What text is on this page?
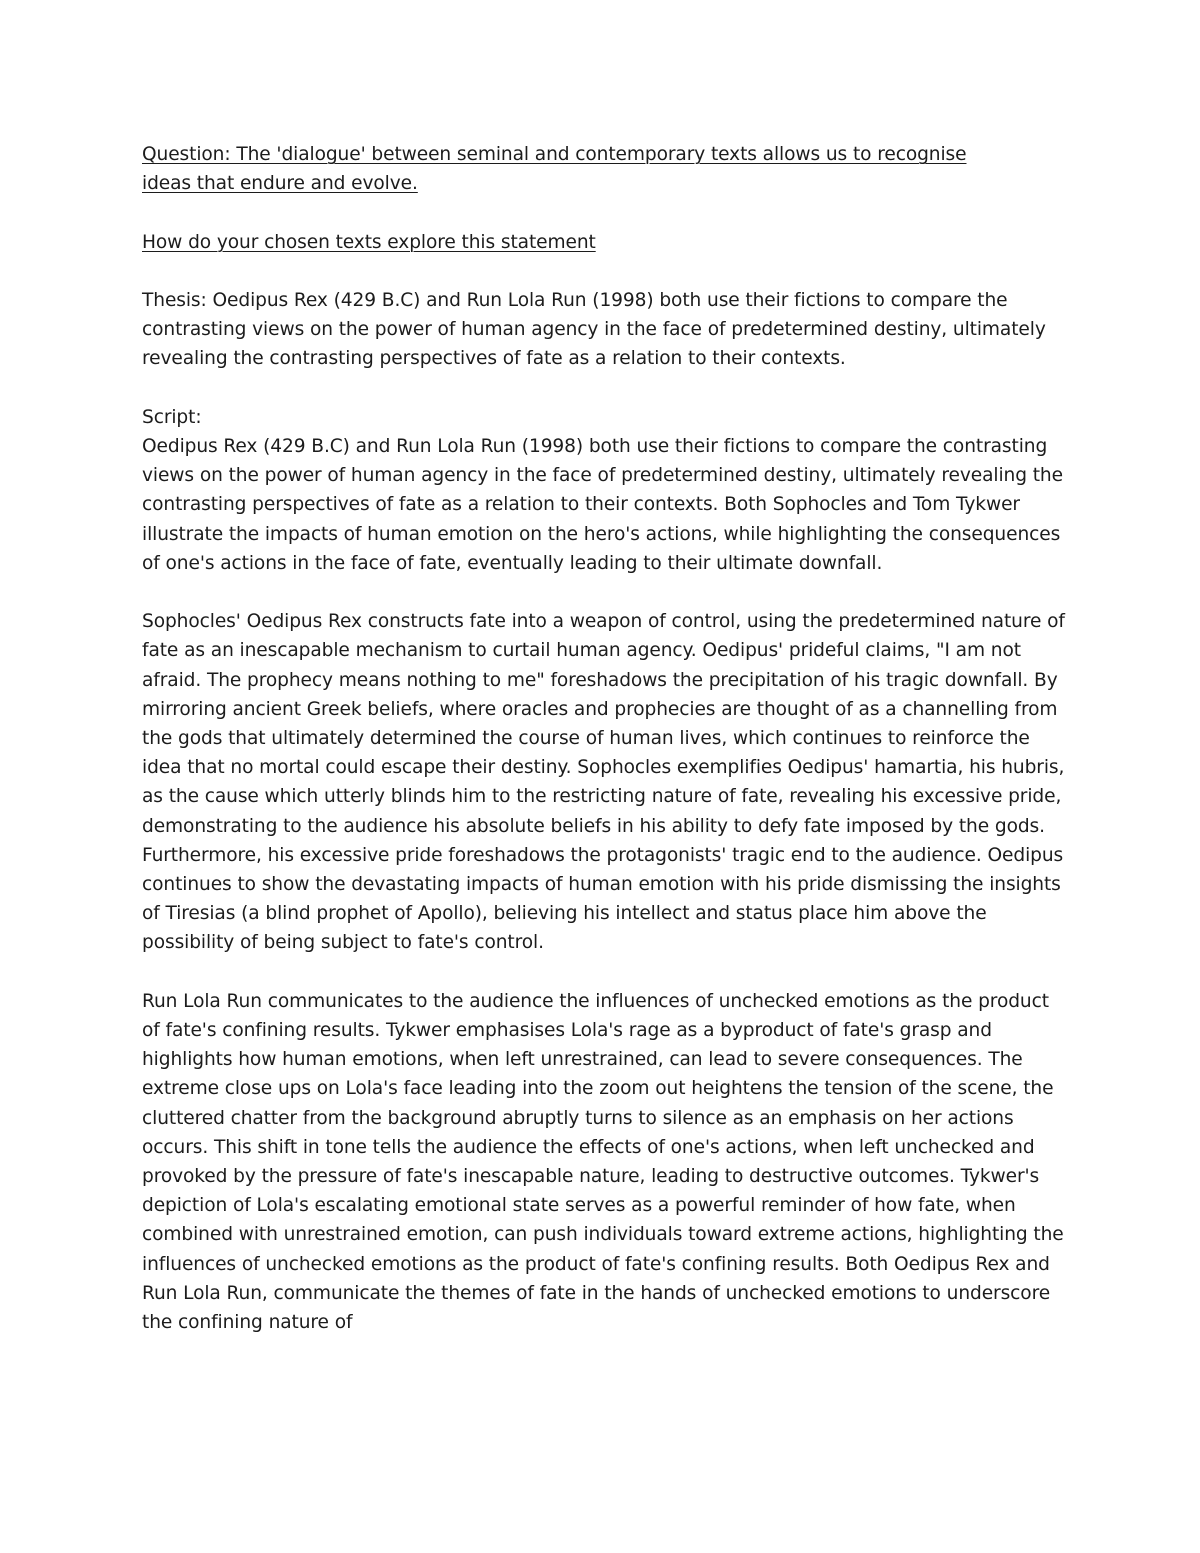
Question: The 'dialogue' between seminal and contemporary texts allows us to recognise

ideas that endure and evolve.

How do your chosen texts explore this statement

Thesis: Oedipus Rex (429 B.C) and Run Lola Run (1998) both use their fictions to compare the contrasting views on the power of human agency in the face of predetermined destiny, ultimately revealing the contrasting perspectives of fate as a relation to their contexts.

Script:

Oedipus Rex (429 B.C) and Run Lola Run (1998) both use their fictions to compare the contrasting views on the power of human agency in the face of predetermined destiny, ultimately revealing the contrasting perspectives of fate as a relation to their contexts. Both Sophocles and Tom Tykwer illustrate the impacts of human emotion on the hero's actions, while highlighting the consequences of one's actions in the face of fate, eventually leading to their ultimate downfall.

Sophocles' Oedipus Rex constructs fate into a weapon of control, using the predetermined nature of fate as an inescapable mechanism to curtail human agency. Oedipus' prideful claims, "I am not afraid. The prophecy means nothing to me" foreshadows the precipitation of his tragic downfall. By mirroring ancient Greek beliefs, where oracles and prophecies are thought of as a channelling from the gods that ultimately determined the course of human lives, which continues to reinforce the idea that no mortal could escape their destiny. Sophocles exemplifies Oedipus' hamartia, his hubris, as the cause which utterly blinds him to the restricting nature of fate, revealing his excessive pride, demonstrating to the audience his absolute beliefs in his ability to defy fate imposed by the gods. Furthermore, his excessive pride foreshadows the protagonists' tragic end to the audience. Oedipus continues to show the devastating impacts of human emotion with his pride dismissing the insights of Tiresias (a blind prophet of Apollo), believing his intellect and status place him above the possibility of being subject to fate's control.

Run Lola Run communicates to the audience the influences of unchecked emotions as the product of fate's confining results. Tykwer emphasises Lola's rage as a byproduct of fate's grasp and highlights how human emotions, when left unrestrained, can lead to severe consequences. The extreme close ups on Lola's face leading into the zoom out heightens the tension of the scene, the cluttered chatter from the background abruptly turns to silence as an emphasis on her actions occurs. This shift in tone tells the audience the effects of one's actions, when left unchecked and provoked by the pressure of fate's inescapable nature, leading to destructive outcomes. Tykwer's depiction of Lola's escalating emotional state serves as a powerful reminder of how fate, when combined with unrestrained emotion, can push individuals toward extreme actions, highlighting the influences of unchecked emotions as the product of fate's confining results. Both Oedipus Rex and Run Lola Run, communicate the themes of fate in the hands of unchecked emotions to underscore the confining nature of
